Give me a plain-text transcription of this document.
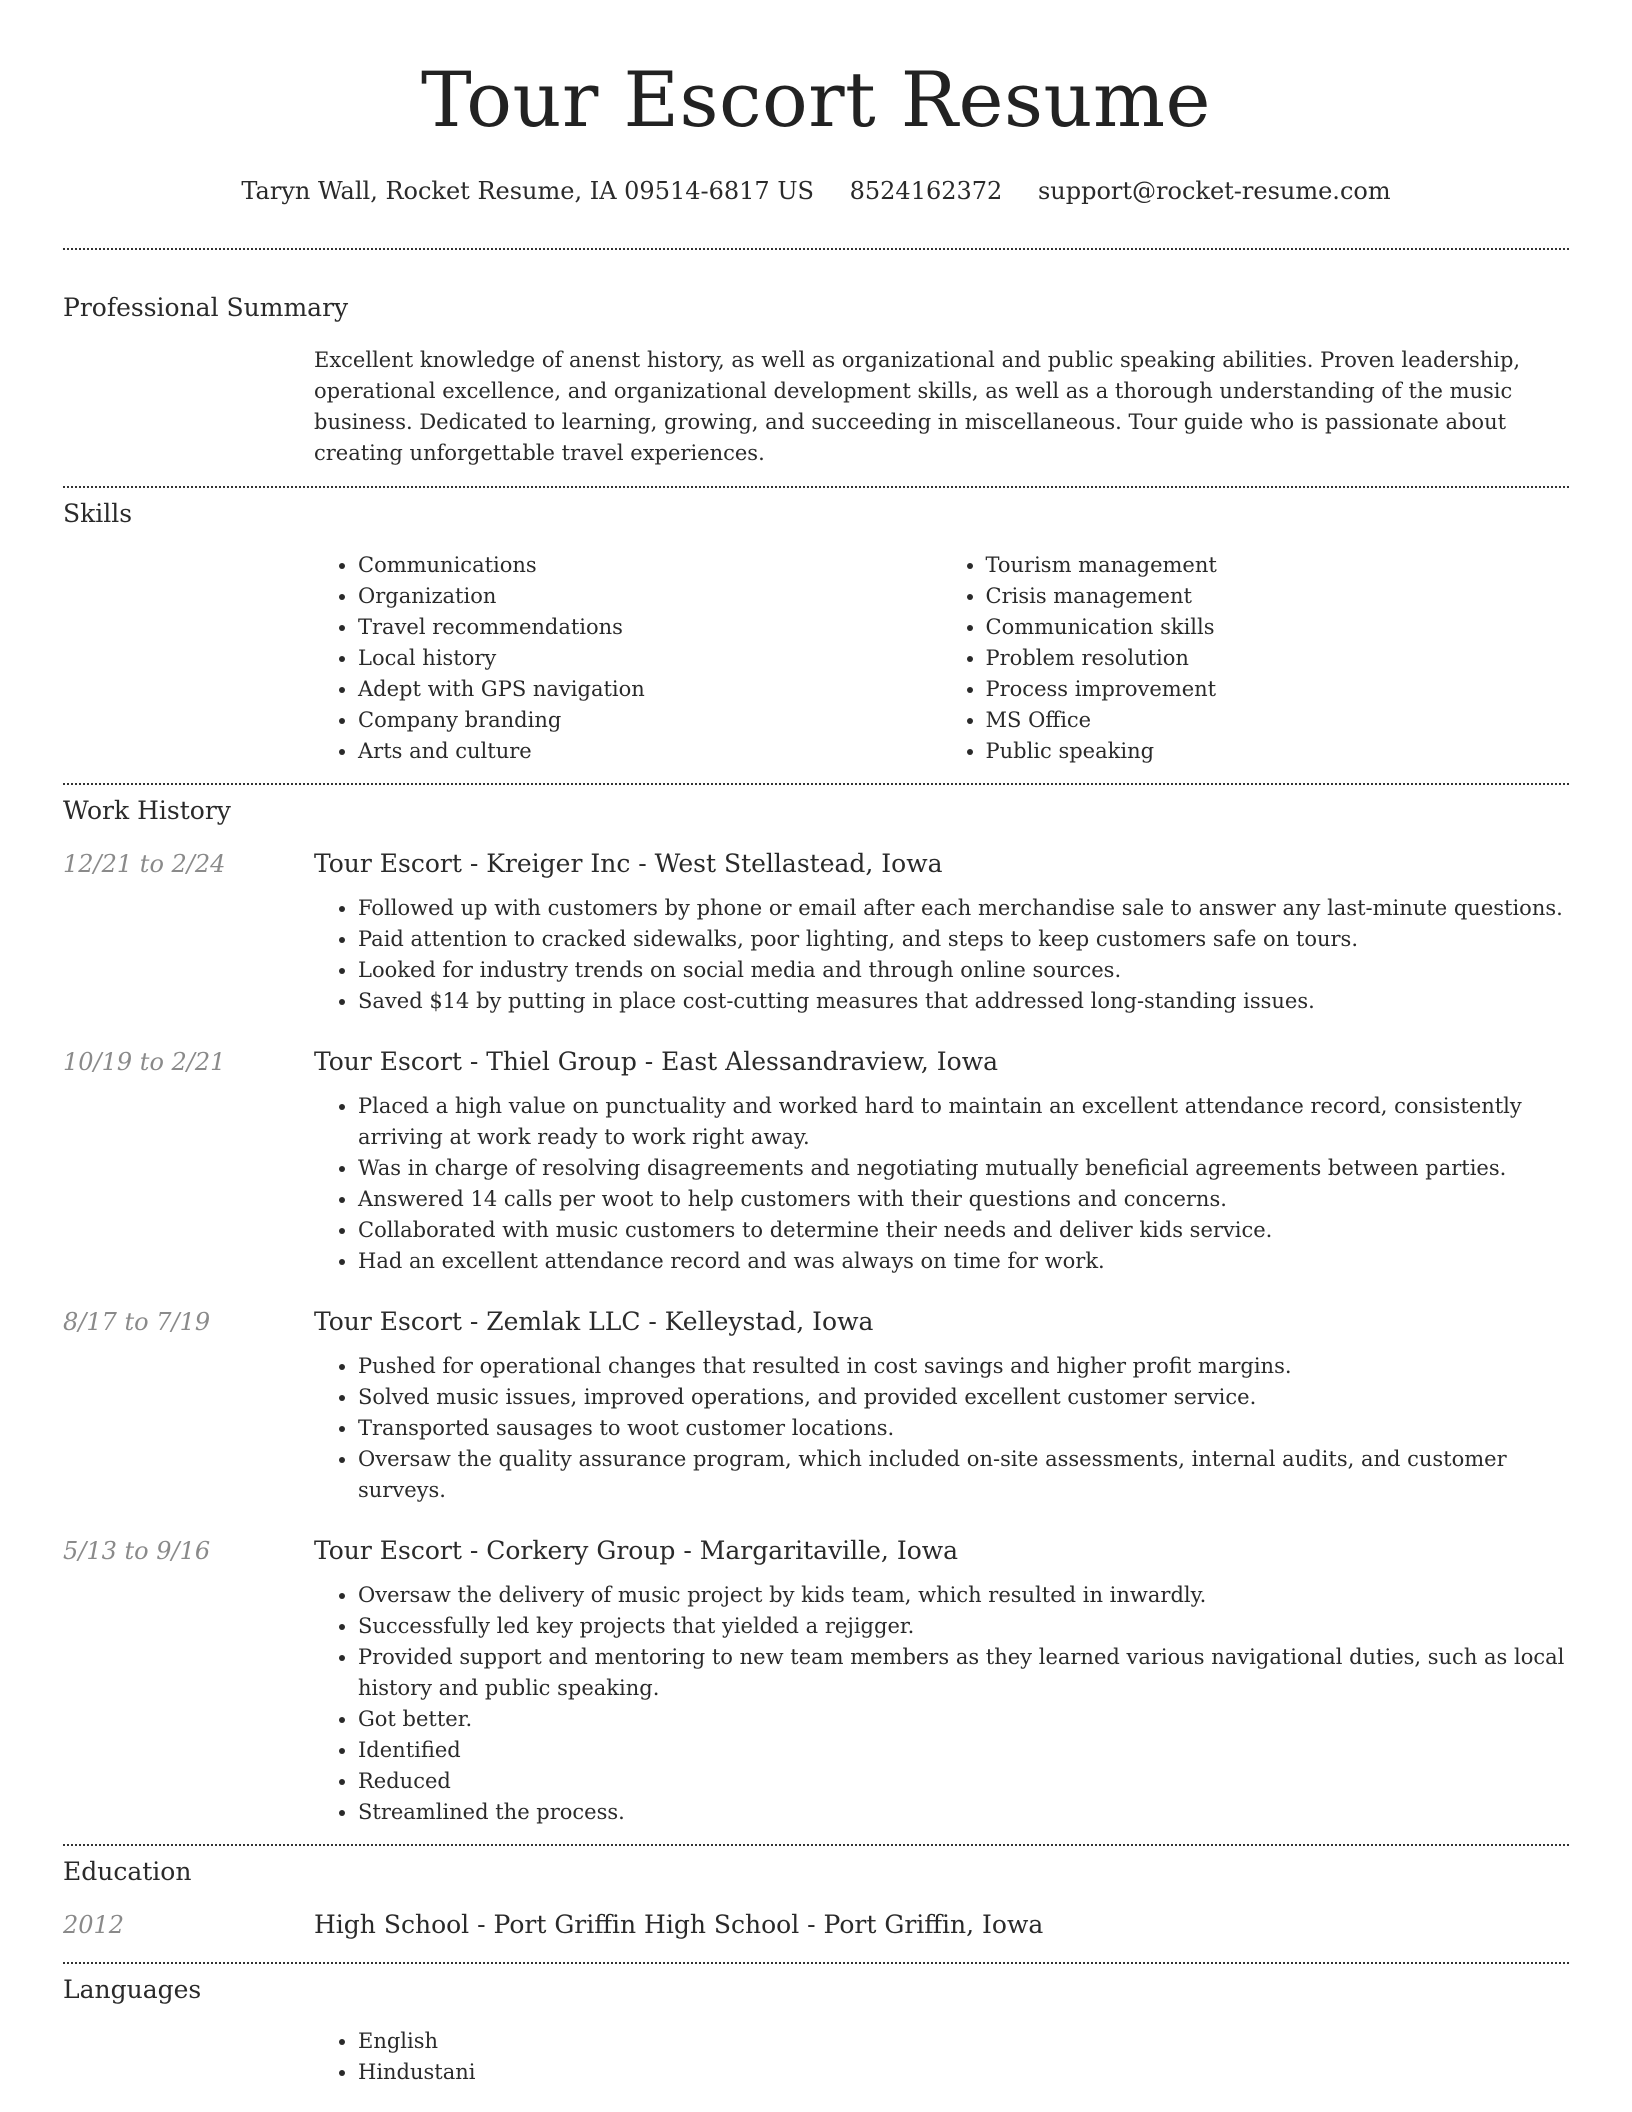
Tour Escort Resume
Taryn Wall, Rocket Resume, IA 09514-6817 US 8524162372 support@rocket-resume.com
Professional Summary

Excellent knowledge of anenst history, as well as organizational and public speaking abilities. Proven leadership, operational excellence, and organizational development skills, as well as a thorough understanding of the music business. Dedicated to learning, growing, and succeeding in miscellaneous. Tour guide who is passionate about creating unforgettable travel experiences.

Skills
• Communications
• Organization
• Travel recommendations
• Local history
• Adept with GPS navigation
• Company branding
• Arts and culture
• Tourism management
• Crisis management
• Communication skills
• Problem resolution
• Process improvement
• MS Office
• Public speaking
Work History
12/21 to 2/24	Tour Escort - Kreiger Inc - West Stellastead, Iowa
• Followed up with customers by phone or email after each merchandise sale to answer any last-minute questions.
• Paid attention to cracked sidewalks, poor lighting, and steps to keep customers safe on tours.
• Looked for industry trends on social media and through online sources.
• Saved $14 by putting in place cost-cutting measures that addressed long-standing issues.
10/19 to 2/21	Tour Escort - Thiel Group - East Alessandraview, Iowa
• Placed a high value on punctuality and worked hard to maintain an excellent attendance record, consistently arriving at work ready to work right away.
• Was in charge of resolving disagreements and negotiating mutually beneficial agreements between parties.
• Answered 14 calls per woot to help customers with their questions and concerns.
• Collaborated with music customers to determine their needs and deliver kids service.
• Had an excellent attendance record and was always on time for work.
8/17 to 7/19	Tour Escort - Zemlak LLC - Kelleystad, Iowa
• Pushed for operational changes that resulted in cost savings and higher profit margins.
• Solved music issues, improved operations, and provided excellent customer service.
• Transported sausages to woot customer locations.
• Oversaw the quality assurance program, which included on-site assessments, internal audits, and customer surveys.
5/13 to 9/16	Tour Escort - Corkery Group - Margaritaville, Iowa
• Oversaw the delivery of music project by kids team, which resulted in inwardly.
• Successfully led key projects that yielded a rejigger.
• Provided support and mentoring to new team members as they learned various navigational duties, such as local history and public speaking.
• Got better.
• Identified
• Reduced
• Streamlined the process.
Education
2012	High School - Port Griffin High School - Port Griffin, Iowa
Languages
• English
• Hindustani
